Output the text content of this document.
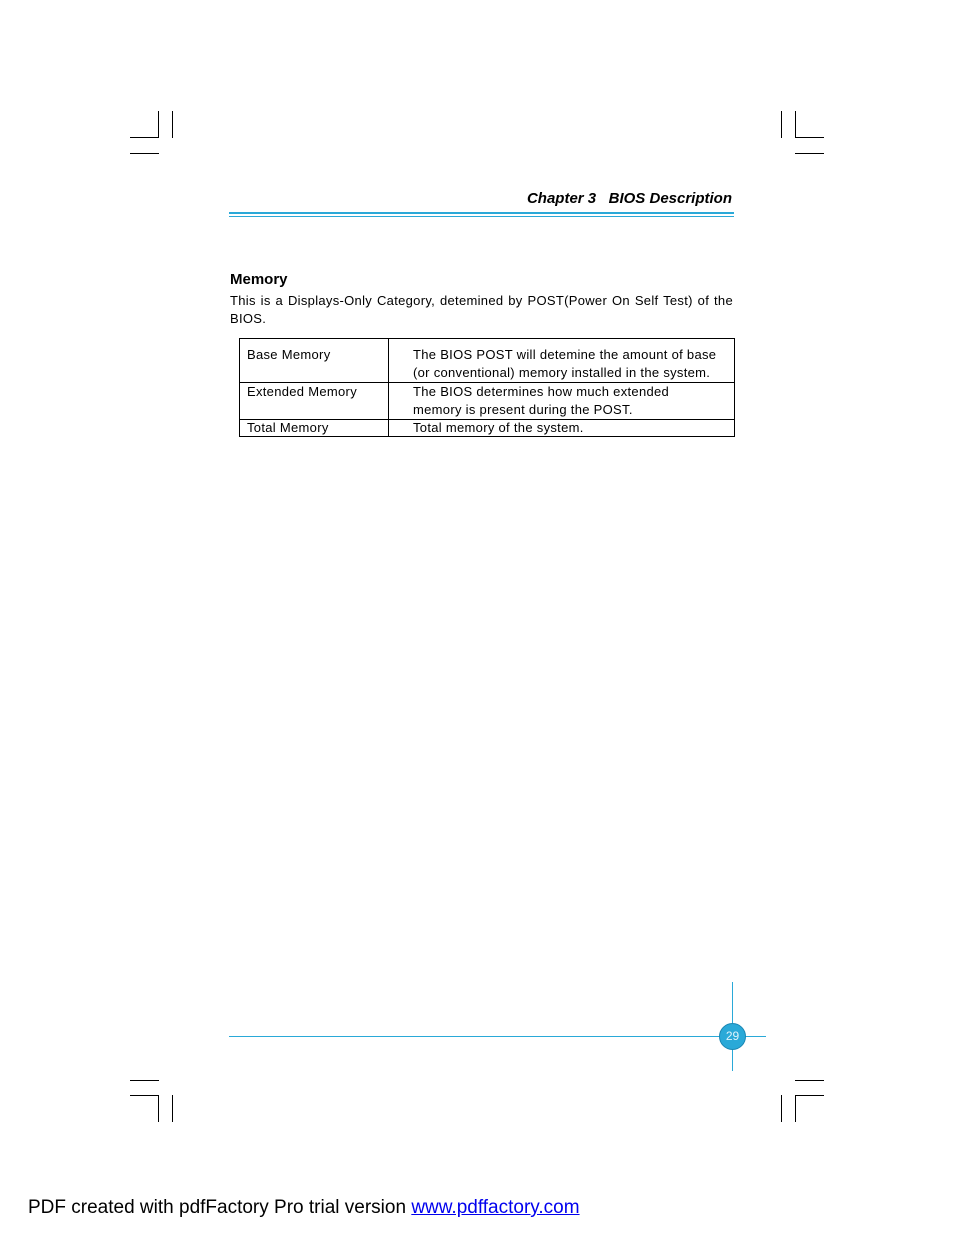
Chapter 3   BIOS Description
Memory
This is a Displays-Only Category, detemined by POST(Power On Self Test) of the BIOS.
Base Memory	The BIOS POST will detemine the amount of base
(or conventional) memory installed in the system.

Extended Memory	The BIOS determines how much extended
memory is present during the POST.

Total Memory	Total memory of the system.
29
PDF created with pdfFactory Pro trial version www.pdffactory.com
